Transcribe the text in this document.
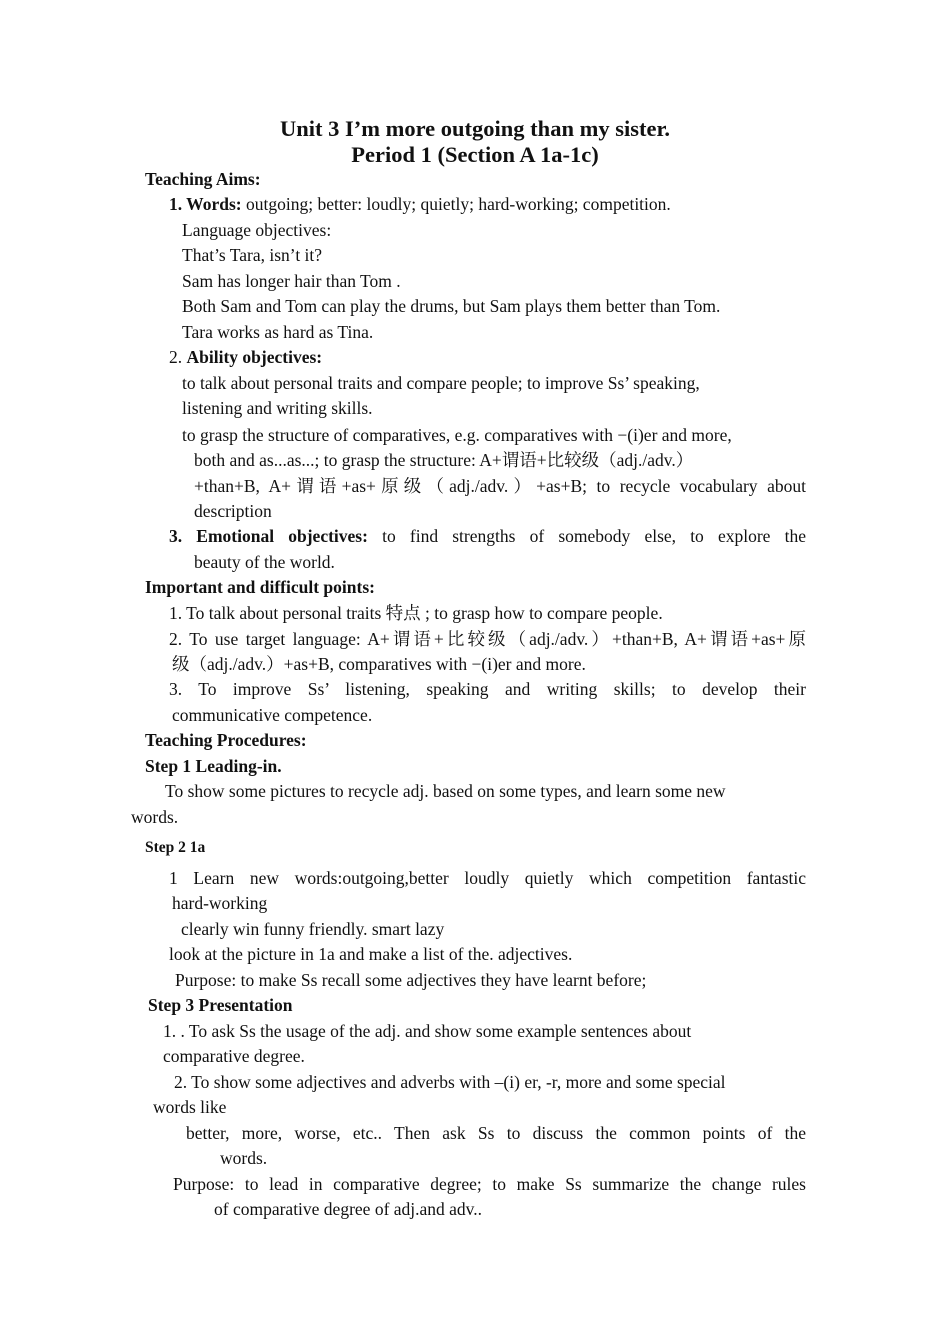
Unit 3 I’m more outgoing than my sister.
Period 1 (Section A 1a-1c)
Teaching Aims:
1. Words: outgoing; better: loudly; quietly; hard-working; competition.
Language objectives:
That’s Tara, isn’t it?
Sam has longer hair than Tom .
Both Sam and Tom can play the drums, but Sam plays them better than Tom.
Tara works as hard as Tina.
2. Ability objectives:
to talk about personal traits and compare people; to improve Ss’ speaking,
listening and writing skills.
to grasp the structure of comparatives, e.g. comparatives with −(i)er and more,
both and as...as...; to grasp the structure: A+谓语+比较级（adj./adv.）
+than+B, A+谓语+as+原级（adj./adv.）+as+B; to recycle vocabulary about
description
3. Emotional objectives: to find strengths of somebody else, to explore the
beauty of the world.
Important and difficult points:
1. To talk about personal traits 特点 ; to grasp how to compare people.
2. To use target language: A+谓语+比较级（adj./adv.）+than+B, A+谓语+as+原
级（adj./adv.）+as+B, comparatives with −(i)er and more.
3. To improve Ss’ listening, speaking and writing skills; to develop their
communicative competence.
Teaching Procedures:
Step 1 Leading-in.
To show some pictures to recycle adj. based on some types, and learn some new
words.
Step 2 1a
1 Learn new words:outgoing,better loudly quietly which competition fantastic
hard-working
clearly win funny friendly. smart lazy
look at the picture in 1a and make a list of the. adjectives.
Purpose: to make Ss recall some adjectives they have learnt before;
Step 3 Presentation
1. . To ask Ss the usage of the adj. and show some example sentences about
comparative degree.
2. To show some adjectives and adverbs with –(i) er, -r, more and some special
words like
better, more, worse, etc.. Then ask Ss to discuss the common points of the
words.
Purpose: to lead in comparative degree; to make Ss summarize the change rules
of comparative degree of adj.and adv..
